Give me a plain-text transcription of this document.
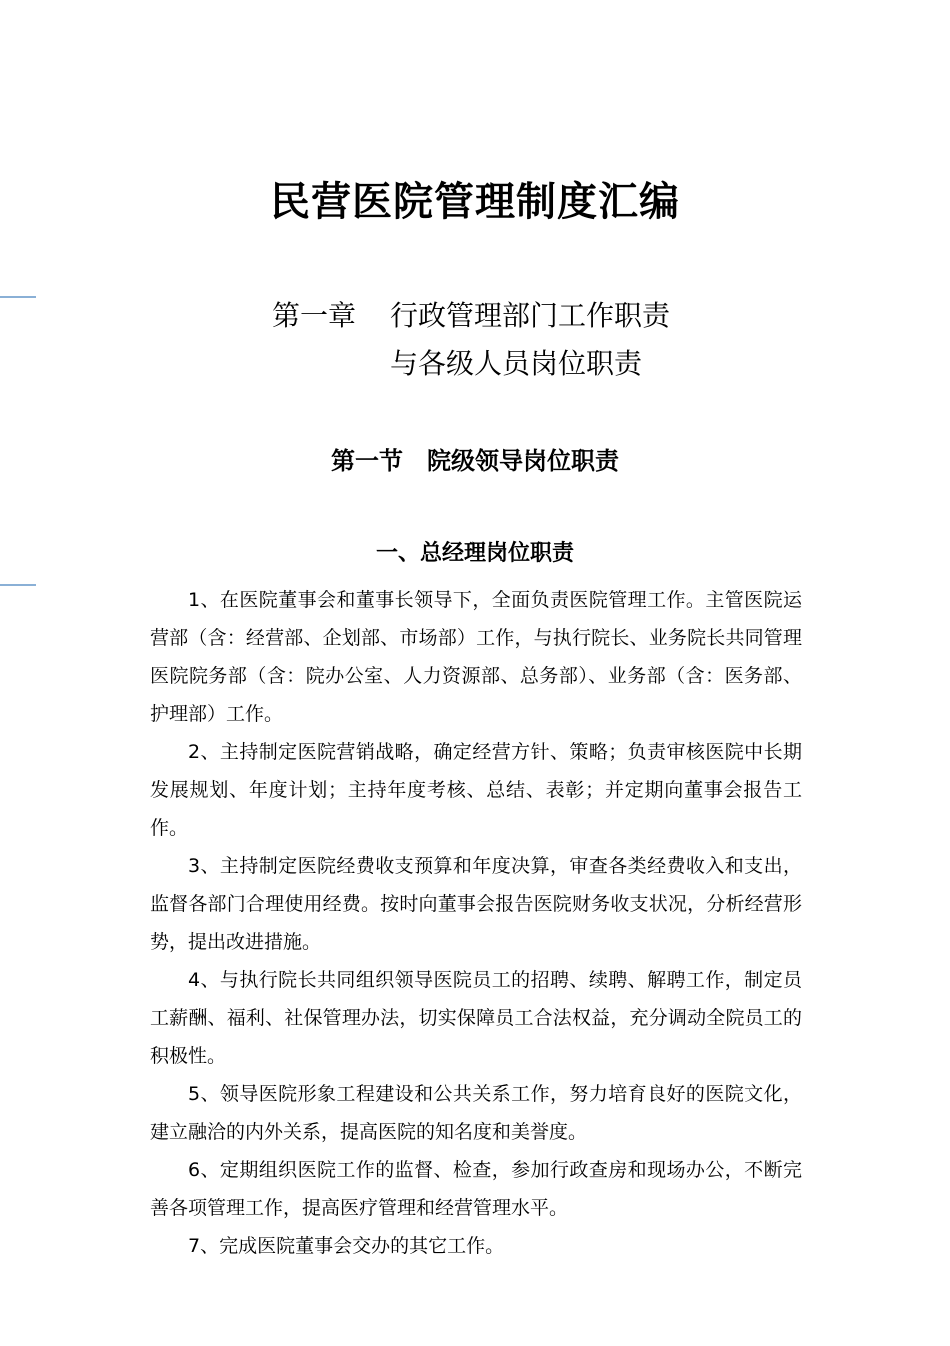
民营医院管理制度汇编
第一章 行政管理部门工作职责
与各级人员岗位职责
第一节　院级领导岗位职责
一、总经理岗位职责

1、在医院董事会和董事长领导下，全面负责医院管理工作。主管医院运营部（含：经营部、企划部、市场部）工作，与执行院长、业务院长共同管理医院院务部（含：院办公室、人力资源部、总务部）、业务部（含：医务部、护理部）工作。

2、主持制定医院营销战略，确定经营方针、策略；负责审核医院中长期发展规划、年度计划；主持年度考核、总结、表彰；并定期向董事会报告工作。

3、主持制定医院经费收支预算和年度决算，审查各类经费收入和支出，监督各部门合理使用经费。按时向董事会报告医院财务收支状况，分析经营形势，提出改进措施。

4、与执行院长共同组织领导医院员工的招聘、续聘、解聘工作，制定员工薪酬、福利、社保管理办法，切实保障员工合法权益，充分调动全院员工的积极性。

5、领导医院形象工程建设和公共关系工作，努力培育良好的医院文化，建立融洽的内外关系，提高医院的知名度和美誉度。

6、定期组织医院工作的监督、检查，参加行政查房和现场办公，不断完善各项管理工作，提高医疗管理和经营管理水平。

7、完成医院董事会交办的其它工作。
